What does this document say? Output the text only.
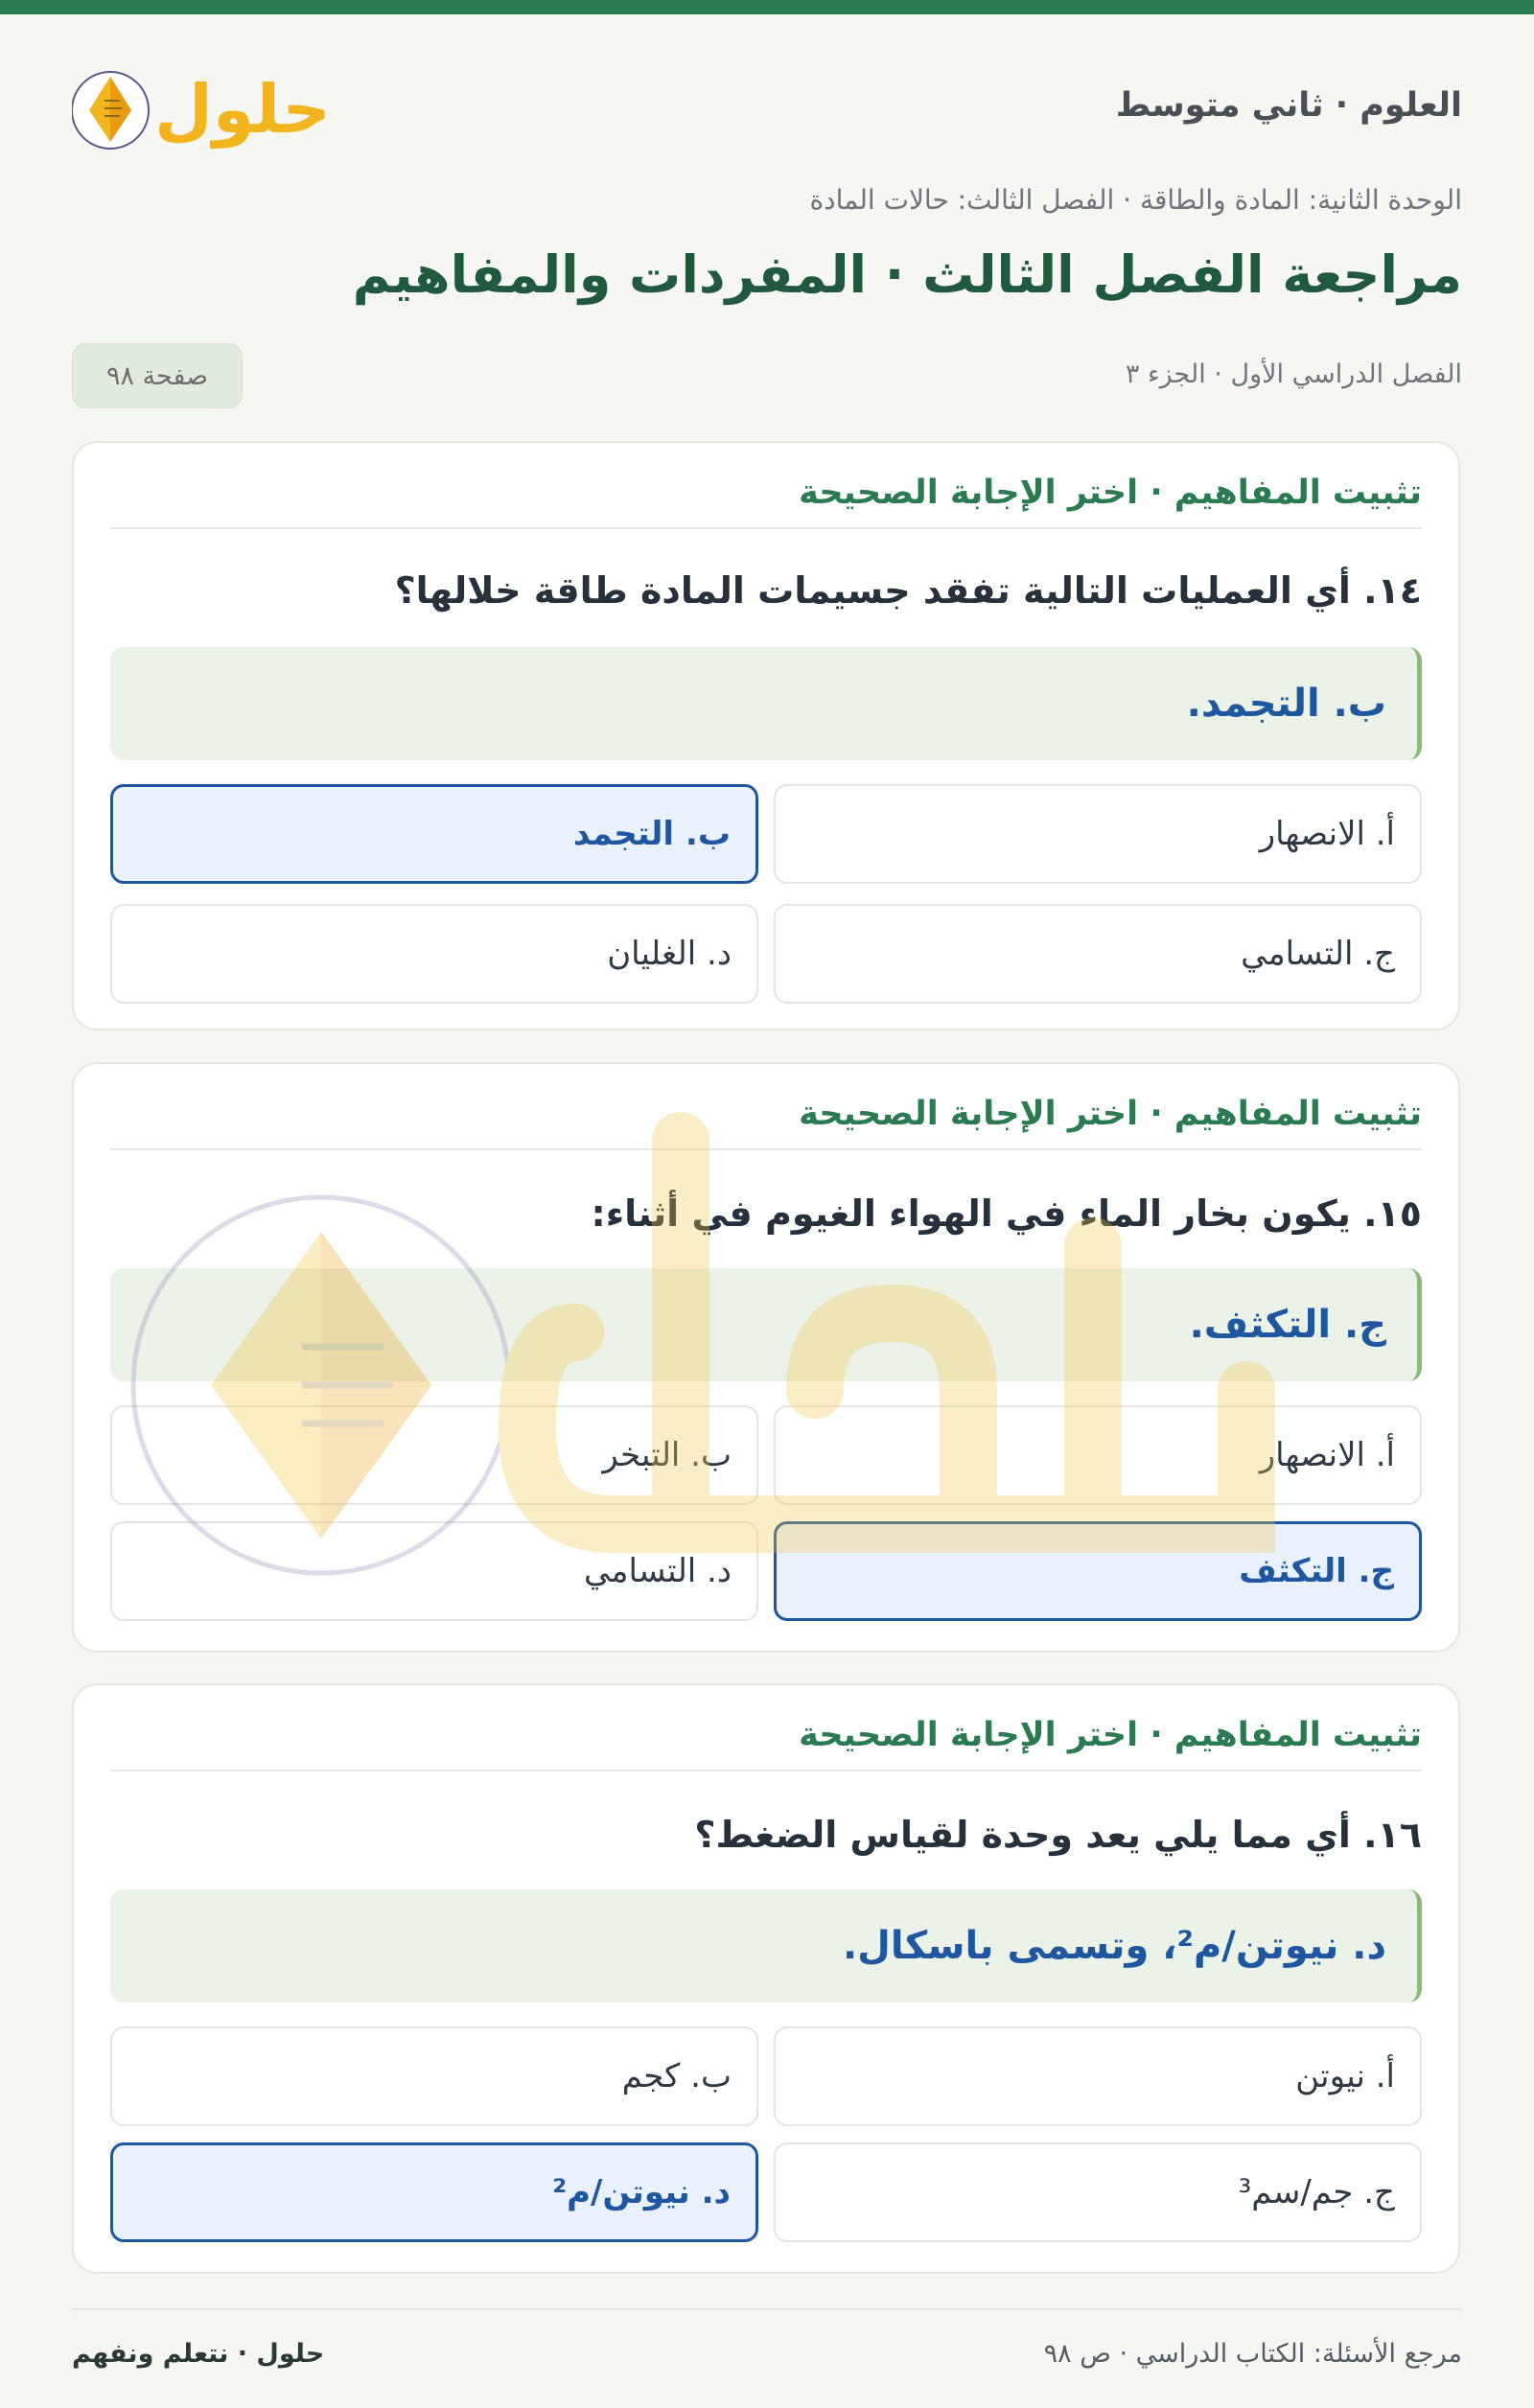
حلول	العلوم · ثاني متوسط
الوحدة الثانية: المادة والطاقة · الفصل الثالث: حالات المادة
مراجعة الفصل الثالث · المفردات والمفاهيم
الفصل الدراسي الأول · الجزء ٣
صفحة ٩٨
تثبيت المفاهيم · اختر الإجابة الصحيحة
١٤. أي العمليات التالية تفقد جسيمات المادة طاقة خلالها؟
ب. التجمد.
أ. الانصهار
ب. التجمد
ج. التسامي
د. الغليان
تثبيت المفاهيم · اختر الإجابة الصحيحة
١٥. يكون بخار الماء في الهواء الغيوم في أثناء:
ج. التكثف.
أ. الانصهار
ب. التبخر
ج. التكثف
د. التسامي
تثبيت المفاهيم · اختر الإجابة الصحيحة
١٦. أي مما يلي يعد وحدة لقياس الضغط؟
د. نيوتن/م²، وتسمى باسكال.
أ. نيوتن
ب. كجم
ج. جم/سم³
د. نيوتن/م²
حلول · نتعلم ونفهم	مرجع الأسئلة: الكتاب الدراسي · ص ٩٨
